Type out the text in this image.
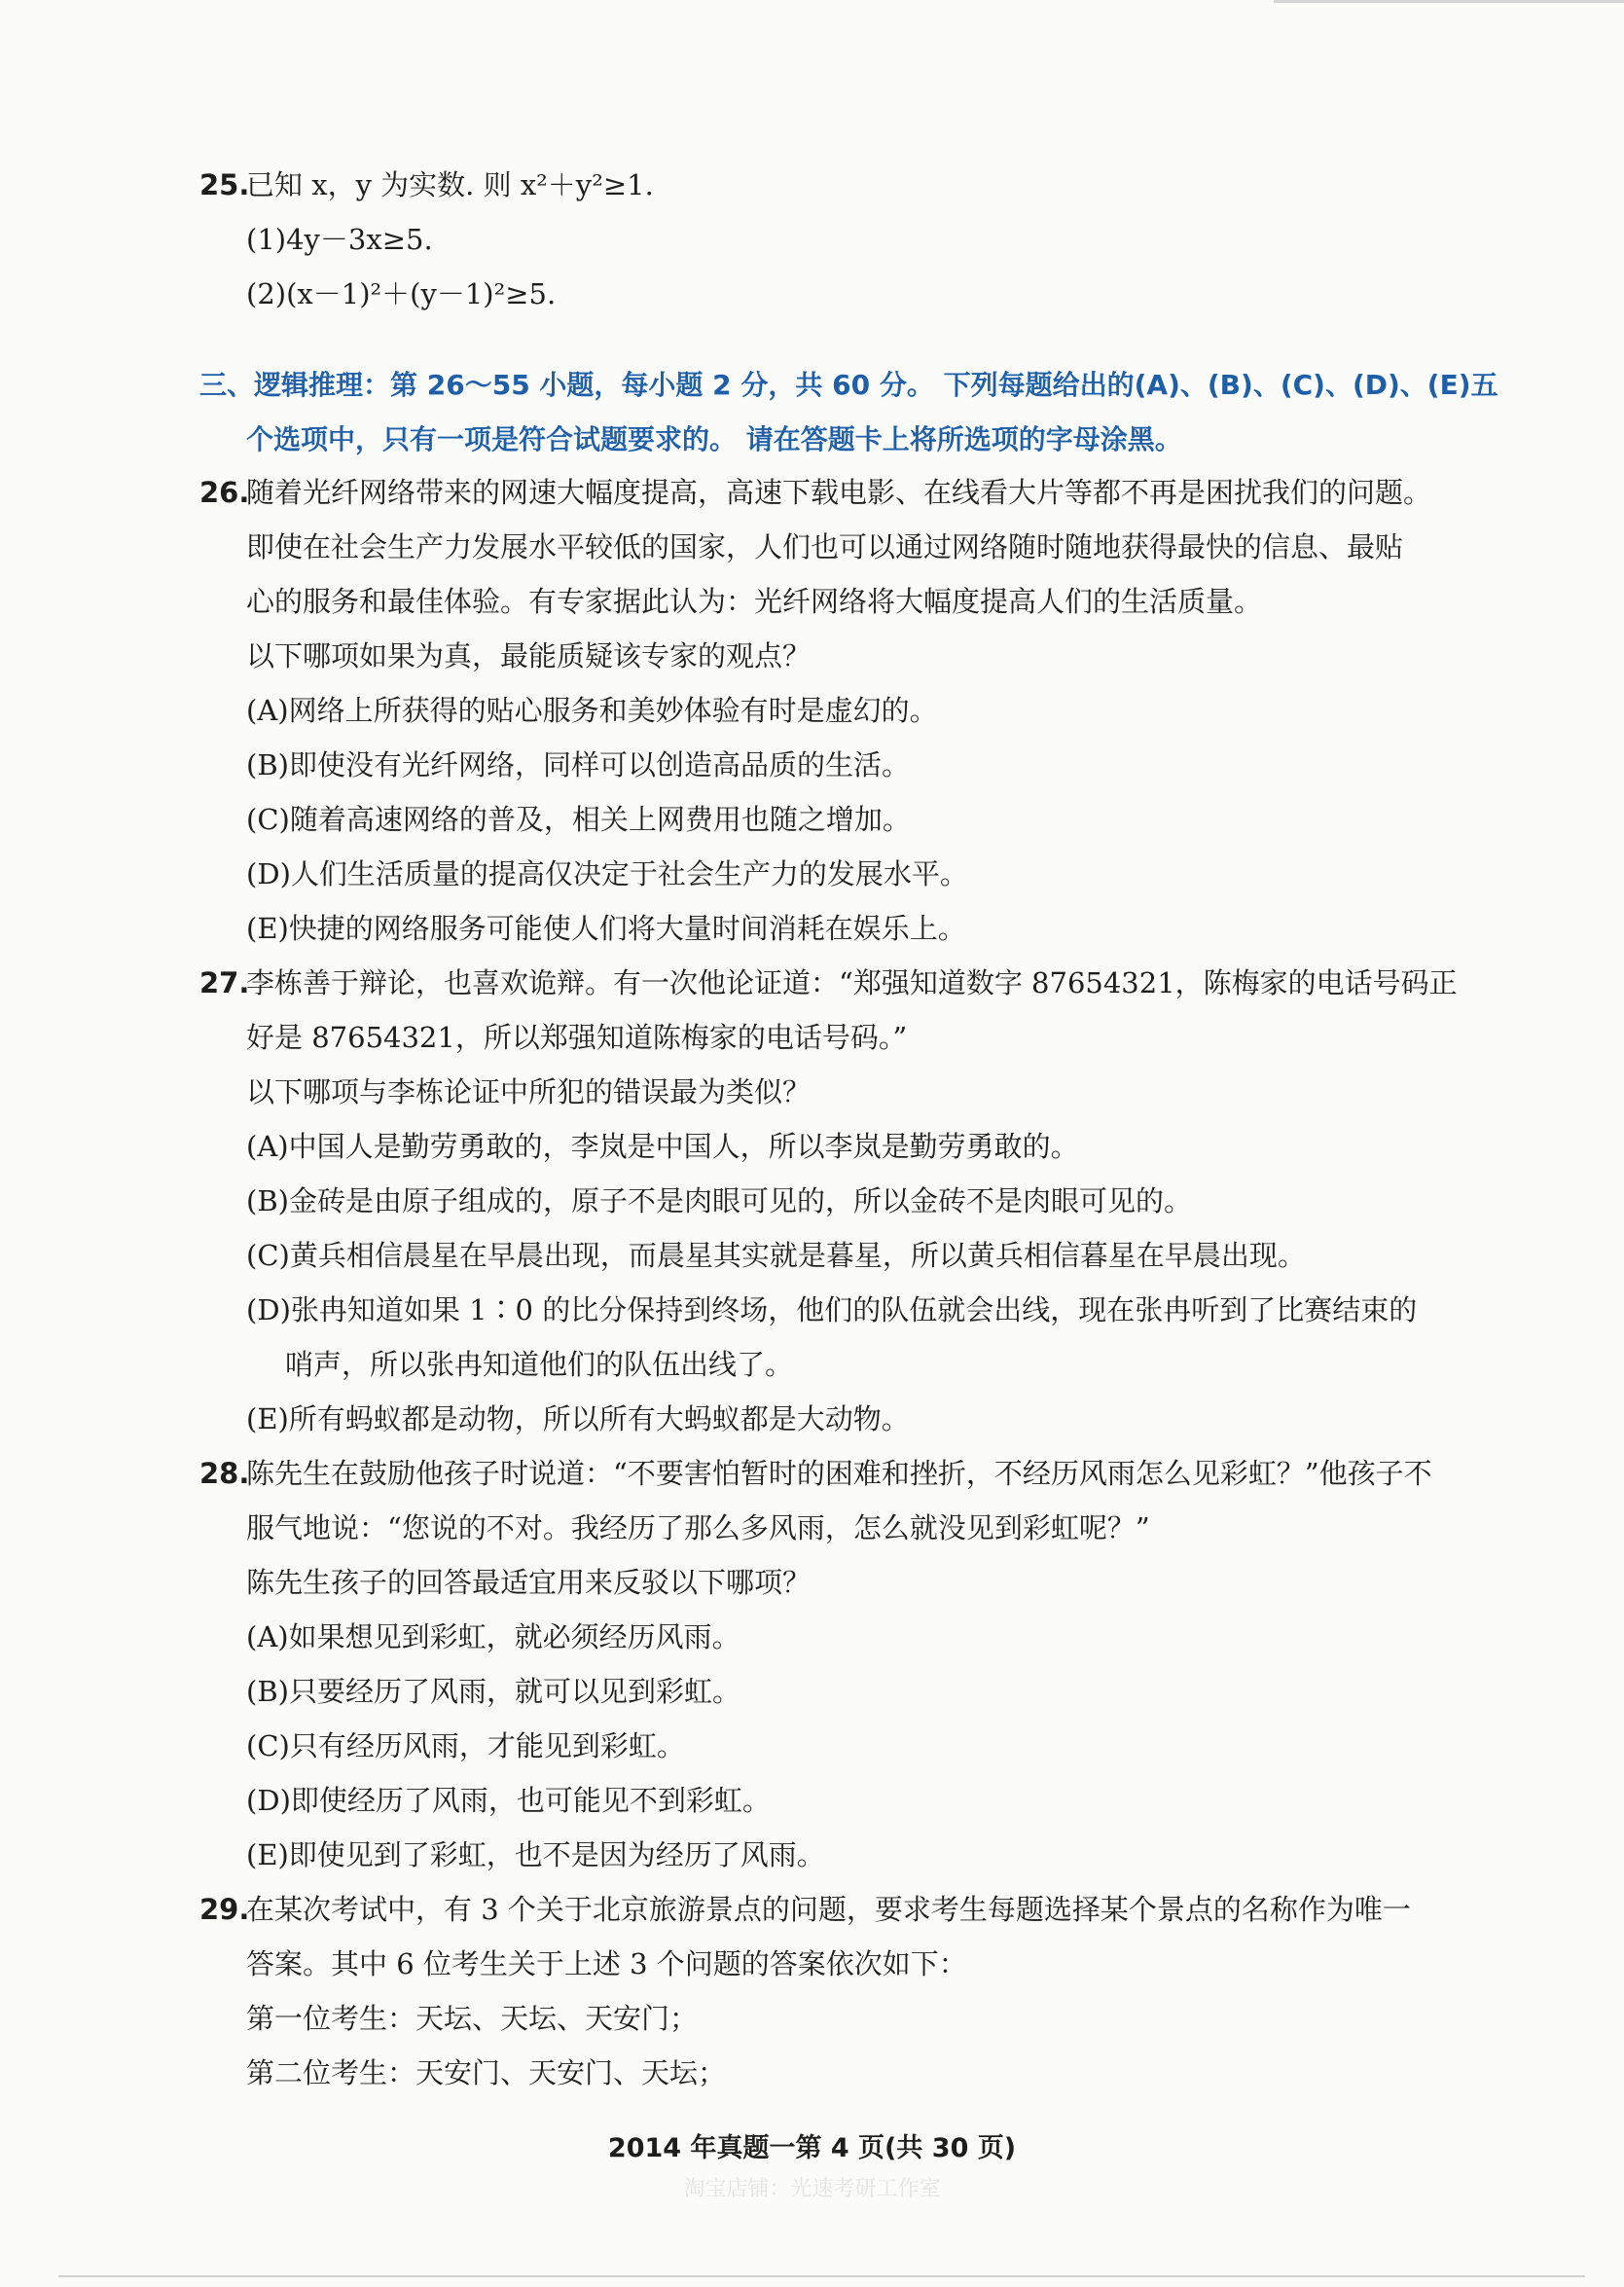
25.
已知 x，y 为实数. 则 x²＋y²≥1.
(1)4y－3x≥5.
(2)(x－1)²＋(y－1)²≥5.
三、逻辑推理：第 26～55 小题，每小题 2 分，共 60 分。 下列每题给出的(A)、(B)、(C)、(D)、(E)五
个选项中，只有一项是符合试题要求的。 请在答题卡上将所选项的字母涂黑。
26.
随着光纤网络带来的网速大幅度提高，高速下载电影、在线看大片等都不再是困扰我们的问题。
即使在社会生产力发展水平较低的国家，人们也可以通过网络随时随地获得最快的信息、最贴
心的服务和最佳体验。有专家据此认为：光纤网络将大幅度提高人们的生活质量。
以下哪项如果为真，最能质疑该专家的观点？
(A)网络上所获得的贴心服务和美妙体验有时是虚幻的。
(B)即使没有光纤网络，同样可以创造高品质的生活。
(C)随着高速网络的普及，相关上网费用也随之增加。
(D)人们生活质量的提高仅决定于社会生产力的发展水平。
(E)快捷的网络服务可能使人们将大量时间消耗在娱乐上。
27.
李栋善于辩论，也喜欢诡辩。有一次他论证道：“郑强知道数字 87654321，陈梅家的电话号码正
好是 87654321，所以郑强知道陈梅家的电话号码。”
以下哪项与李栋论证中所犯的错误最为类似？
(A)中国人是勤劳勇敢的，李岚是中国人，所以李岚是勤劳勇敢的。
(B)金砖是由原子组成的，原子不是肉眼可见的，所以金砖不是肉眼可见的。
(C)黄兵相信晨星在早晨出现，而晨星其实就是暮星，所以黄兵相信暮星在早晨出现。
(D)张冉知道如果 1∶0 的比分保持到终场，他们的队伍就会出线，现在张冉听到了比赛结束的
哨声，所以张冉知道他们的队伍出线了。
(E)所有蚂蚁都是动物，所以所有大蚂蚁都是大动物。
28.
陈先生在鼓励他孩子时说道：“不要害怕暂时的困难和挫折，不经历风雨怎么见彩虹？”他孩子不
服气地说：“您说的不对。我经历了那么多风雨，怎么就没见到彩虹呢？”
陈先生孩子的回答最适宜用来反驳以下哪项？
(A)如果想见到彩虹，就必须经历风雨。
(B)只要经历了风雨，就可以见到彩虹。
(C)只有经历风雨，才能见到彩虹。
(D)即使经历了风雨，也可能见不到彩虹。
(E)即使见到了彩虹，也不是因为经历了风雨。
29.
在某次考试中，有 3 个关于北京旅游景点的问题，要求考生每题选择某个景点的名称作为唯一
答案。其中 6 位考生关于上述 3 个问题的答案依次如下：
第一位考生：天坛、天坛、天安门；
第二位考生：天安门、天安门、天坛；
2014 年真题一第 4 页(共 30 页)
淘宝店铺：光速考研工作室
